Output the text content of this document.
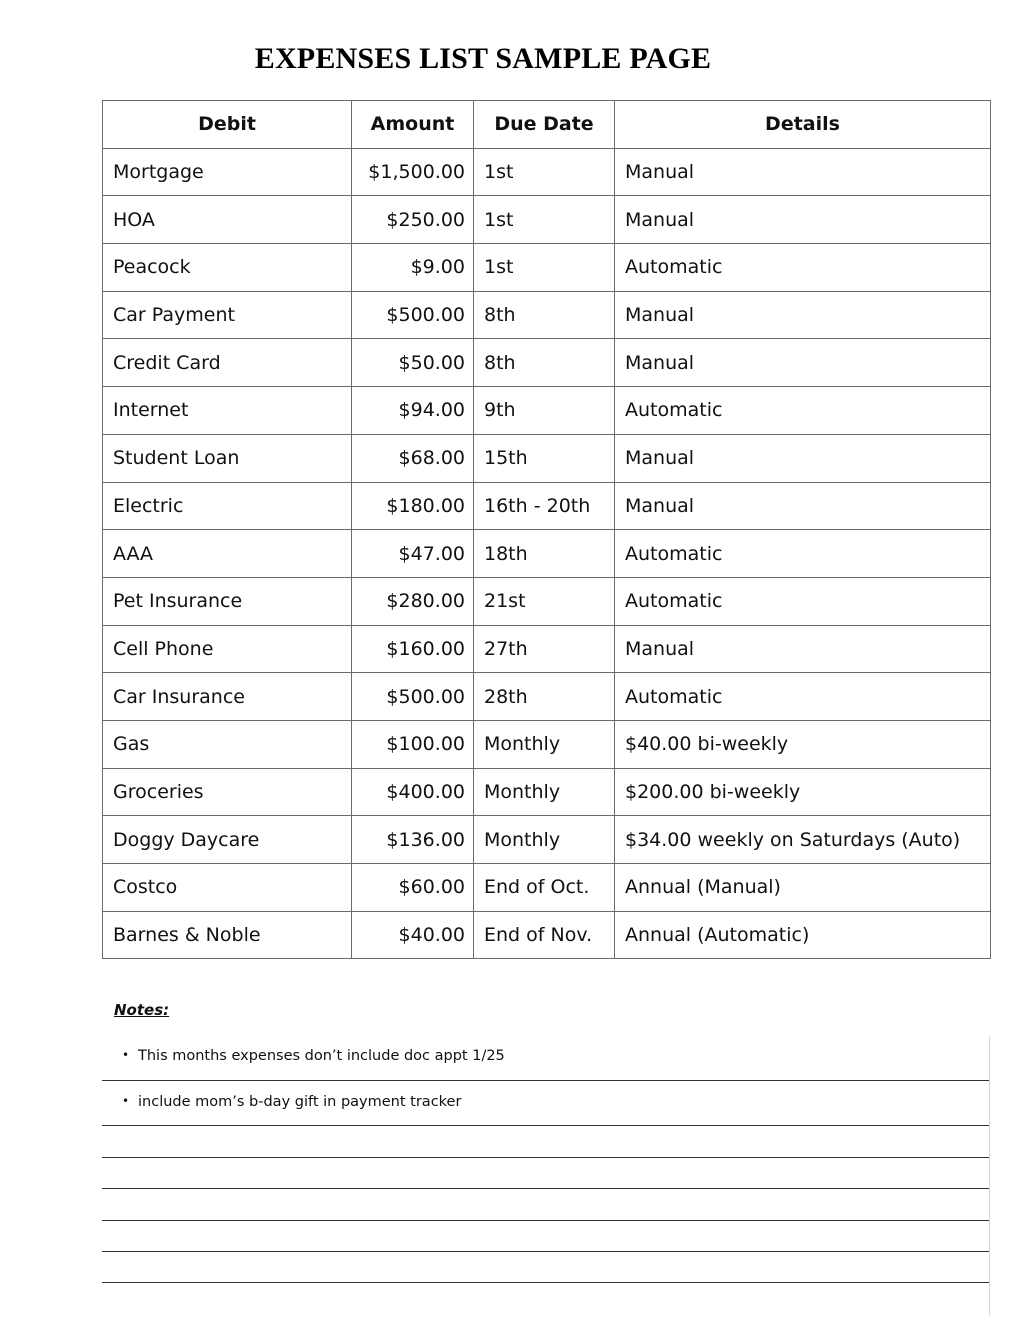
EXPENSES LIST SAMPLE PAGE
Debit	Amount	Due Date	Details
Mortgage	$1,500.00	1st	Manual
HOA	$250.00	1st	Manual
Peacock	$9.00	1st	Automatic
Car Payment	$500.00	8th	Manual
Credit Card	$50.00	8th	Manual
Internet	$94.00	9th	Automatic
Student Loan	$68.00	15th	Manual
Electric	$180.00	16th - 20th	Manual
AAA	$47.00	18th	Automatic
Pet Insurance	$280.00	21st	Automatic
Cell Phone	$160.00	27th	Manual
Car Insurance	$500.00	28th	Automatic
Gas	$100.00	Monthly	$40.00 bi-weekly
Groceries	$400.00	Monthly	$200.00 bi-weekly
Doggy Daycare	$136.00	Monthly	$34.00 weekly on Saturdays (Auto)
Costco	$60.00	End of Oct.	Annual (Manual)
Barnes & Noble	$40.00	End of Nov.	Annual (Automatic)
Notes:
• This months expenses don’t include doc appt 1/25
• include mom’s b-day gift in payment tracker
